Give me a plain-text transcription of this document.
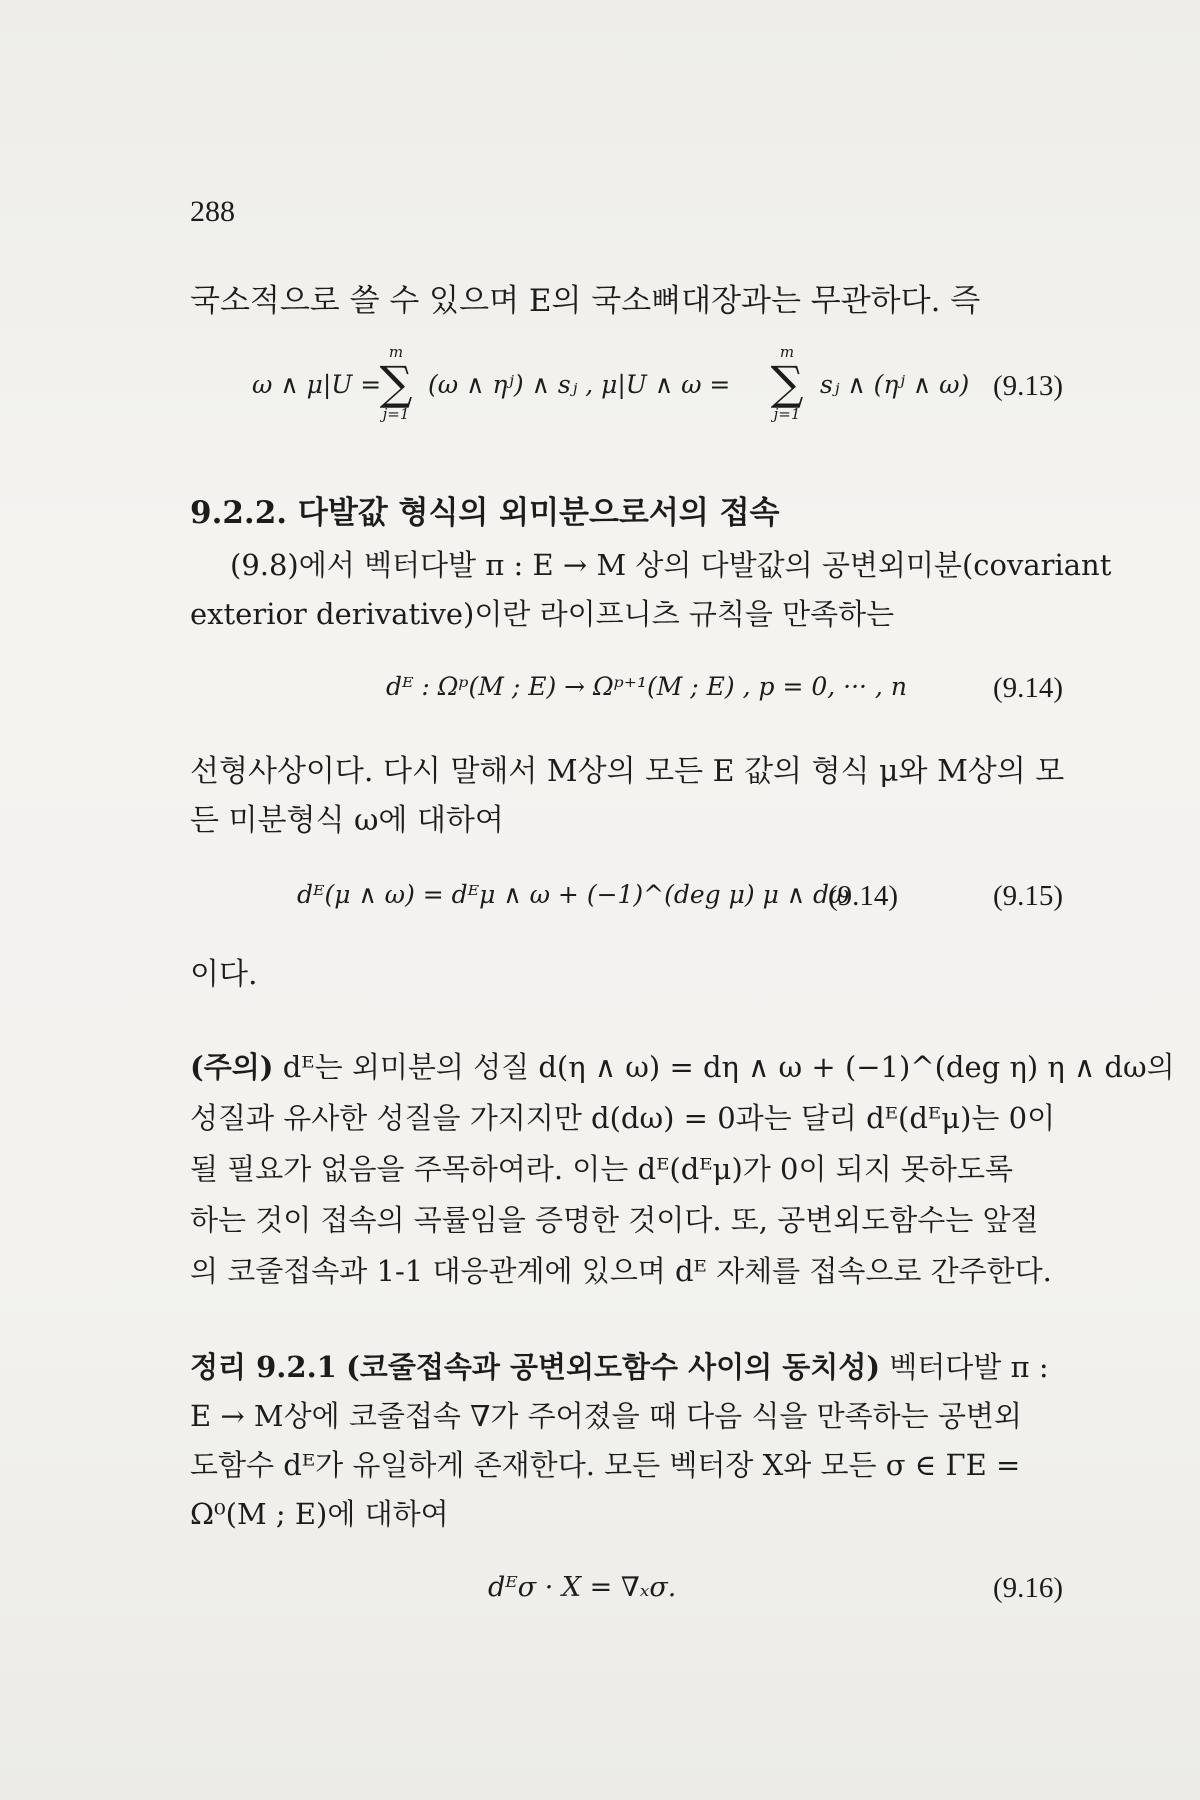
288
국소적으로 쓸 수 있으며 E의 국소뼈대장과는 무관하다. 즉
ω ∧ μ|U =
m
∑
j=1
(ω ∧ ηʲ) ∧ sⱼ , μ|U ∧ ω =
m
∑
j=1
sⱼ ∧ (ηʲ ∧ ω) (9.13)
9.2.2. 다발값 형식의 외미분으로서의 접속
(9.8)에서 벡터다발 π : E → M 상의 다발값의 공변외미분(covariant
exterior derivative)이란 라이프니츠 규칙을 만족하는
dᴱ : Ωᵖ(M ; E) → Ωᵖ⁺¹(M ; E) , p = 0, ··· , n	(9.14)
선형사상이다. 다시 말해서 M상의 모든 E 값의 형식 μ와 M상의 모
든 미분형식 ω에 대하여
dᴱ(μ ∧ ω) = dᴱμ ∧ ω + (−1)^(deg μ) μ ∧ dω
(9.14)	(9.15)
이다.
(주의) dᴱ는 외미분의 성질 d(η ∧ ω) = dη ∧ ω + (−1)^(deg η) η ∧ dω의
성질과 유사한 성질을 가지지만 d(dω) = 0과는 달리 dᴱ(dᴱμ)는 0이
될 필요가 없음을 주목하여라. 이는 dᴱ(dᴱμ)가 0이 되지 못하도록
하는 것이 접속의 곡률임을 증명한 것이다. 또, 공변외도함수는 앞절
의 코줄접속과 1-1 대응관계에 있으며 dᴱ 자체를 접속으로 간주한다.
정리 9.2.1 (코줄접속과 공변외도함수 사이의 동치성) 벡터다발 π :
E → M상에 코줄접속 ∇가 주어졌을 때 다음 식을 만족하는 공변외
도함수 dᴱ가 유일하게 존재한다. 모든 벡터장 X와 모든 σ ∈ ΓE =
Ω⁰(M ; E)에 대하여
dᴱσ · X = ∇ₓσ.	(9.16)
